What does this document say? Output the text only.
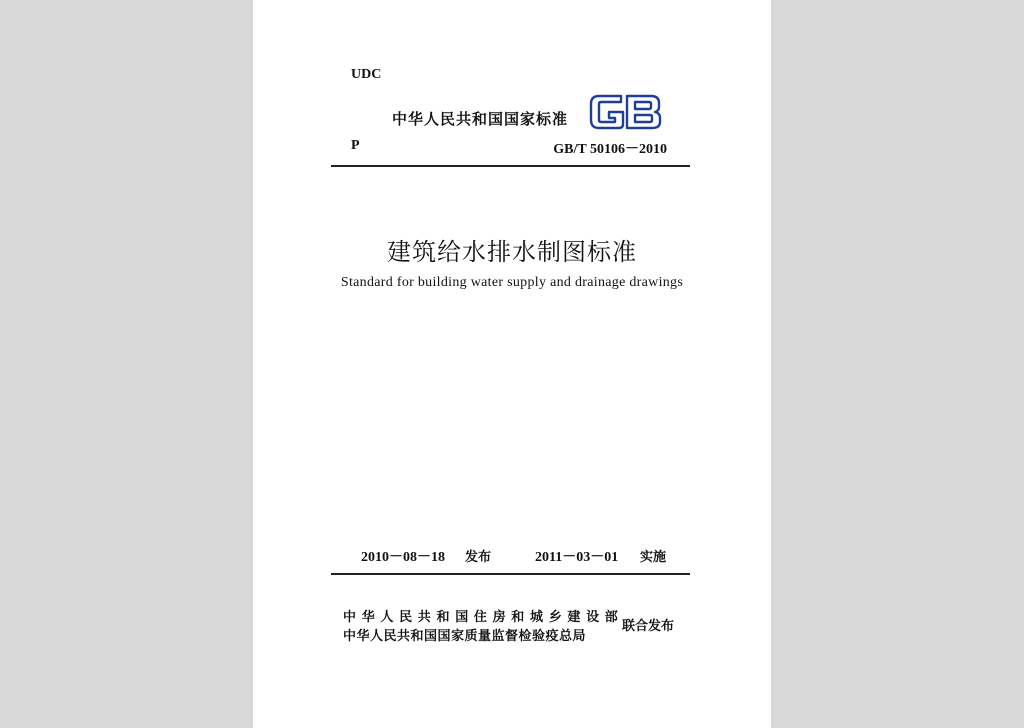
UDC
中华人民共和国国家标准
P	GB/T 50106－2010
建筑给水排水制图标准
Standard for building water supply and drainage drawings
2010－08－18 发布	2011－03－01 实施
中华人民共和国住房和城乡建设部
中华人民共和国国家质量监督检验疫总局
联合发布
